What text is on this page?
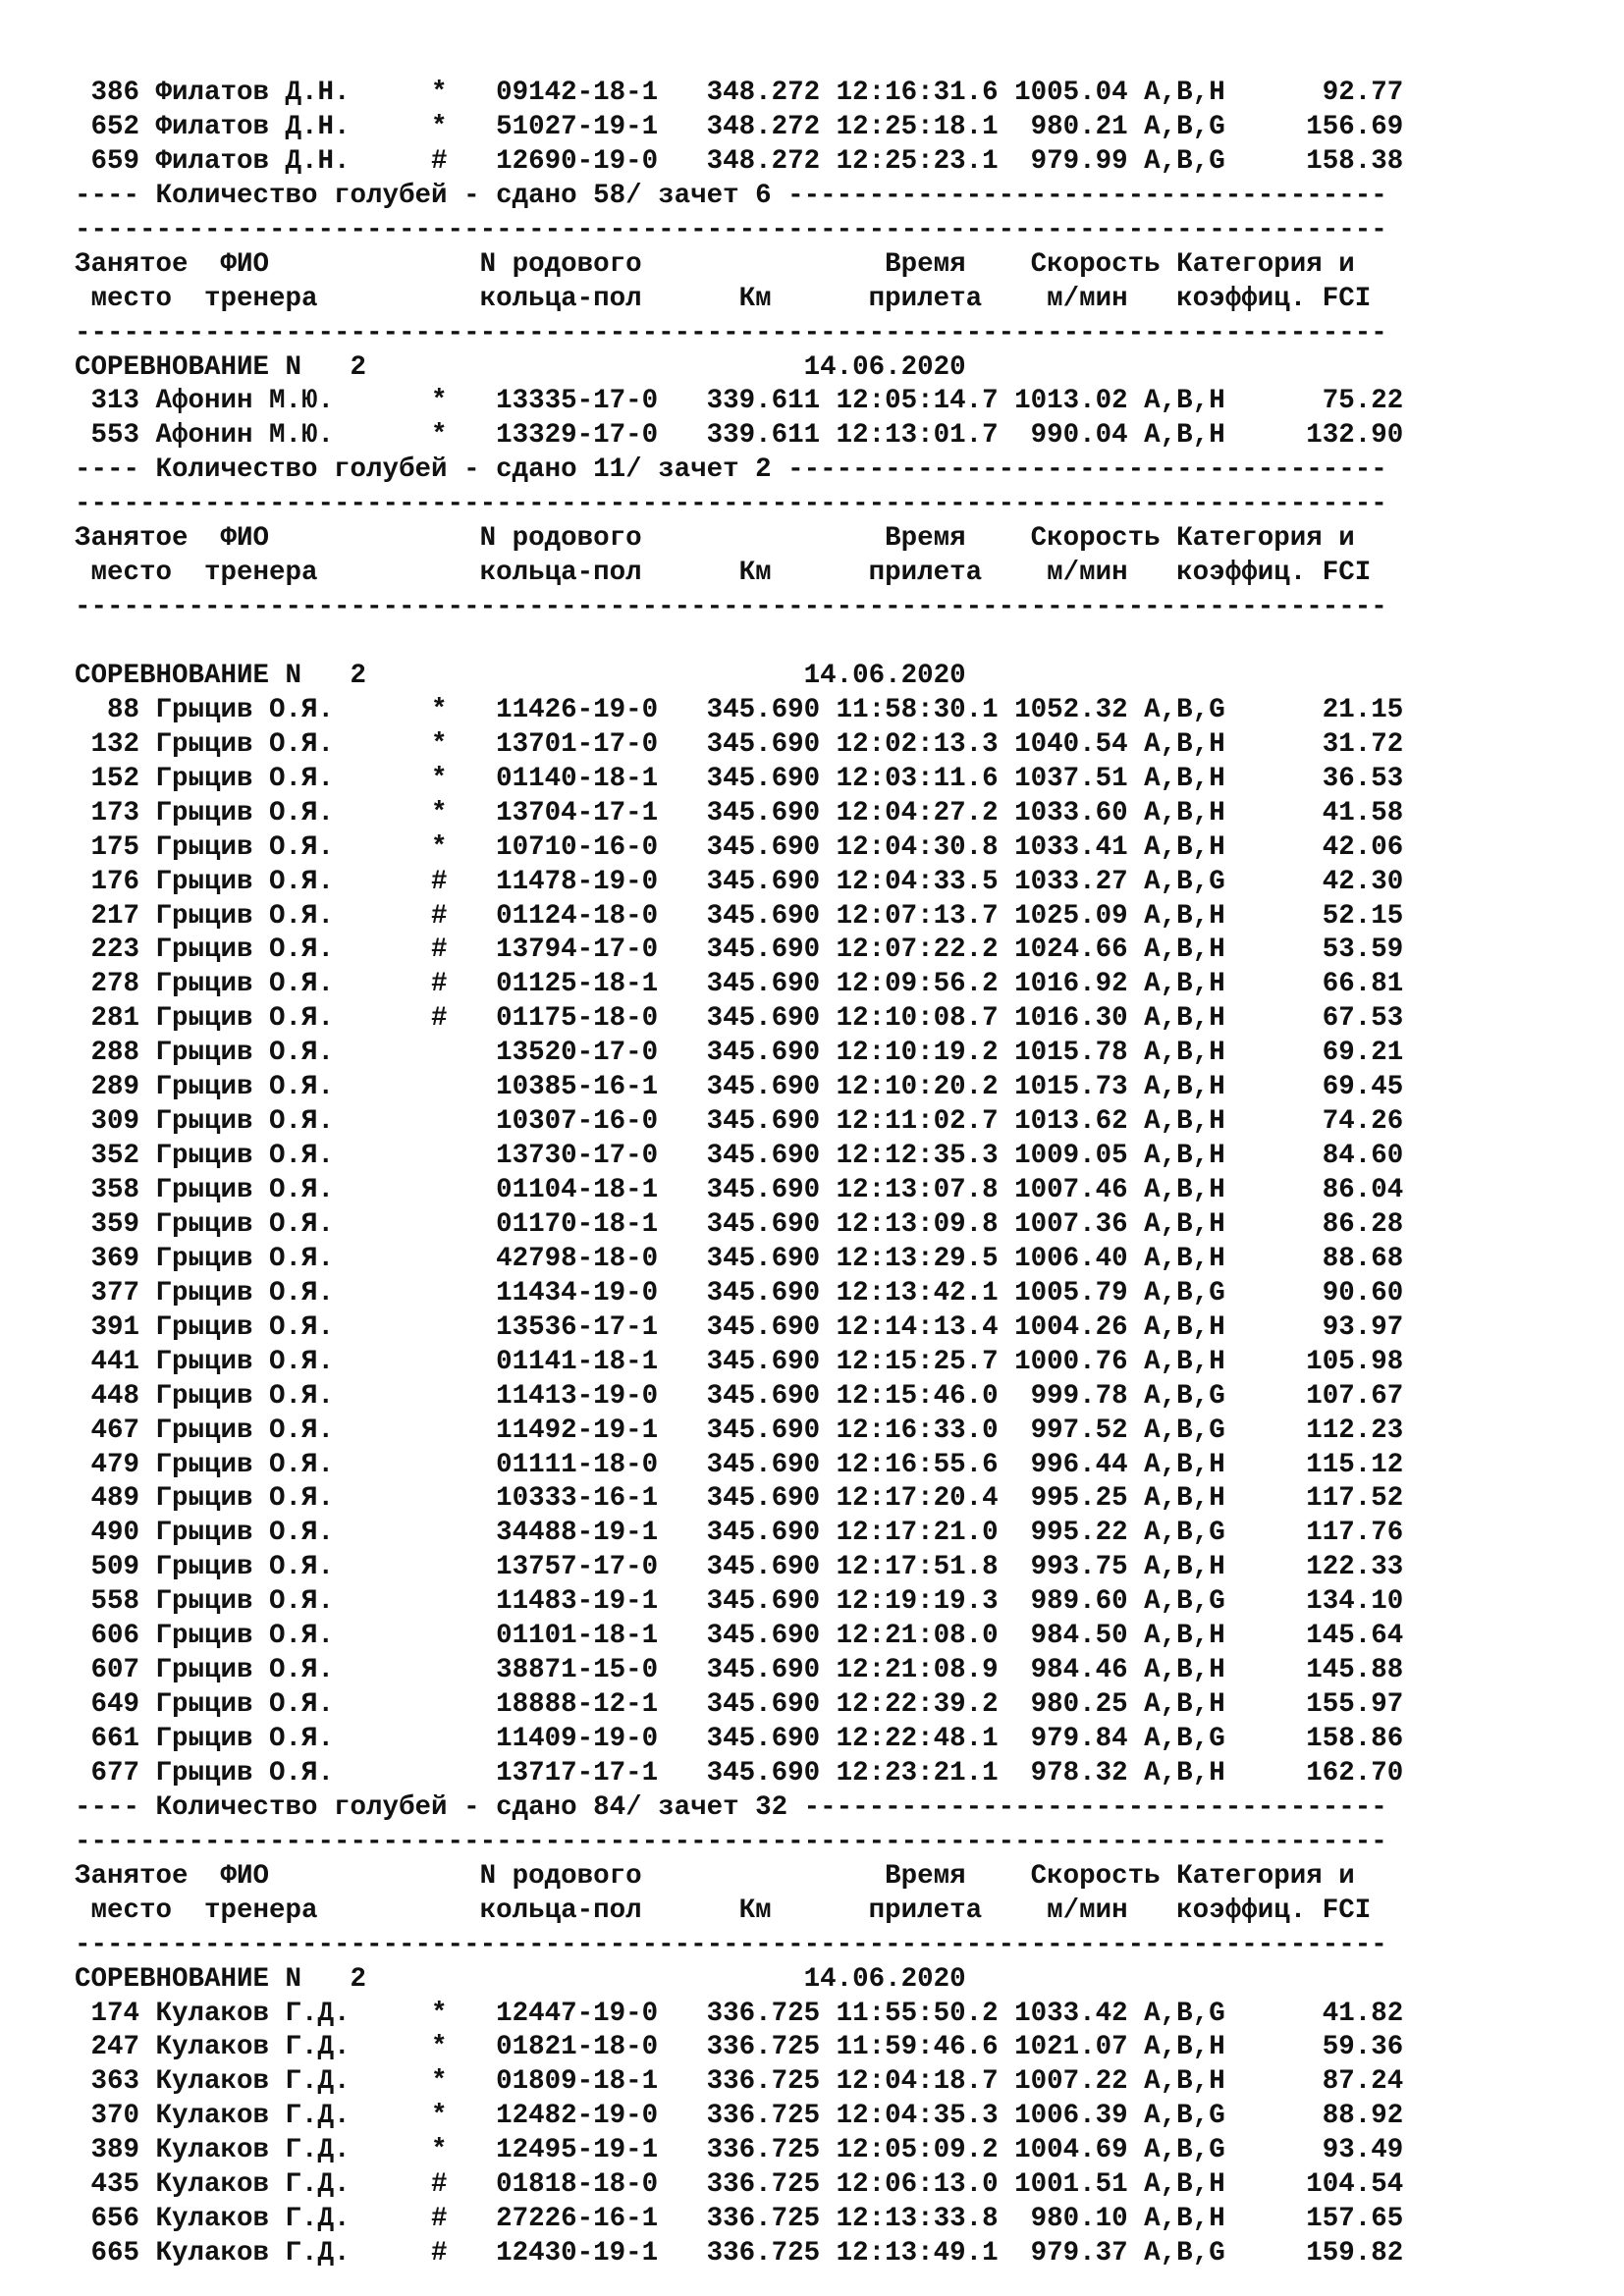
386 Филатов Д.Н.     *   09142-18-1   348.272 12:16:31.6 1005.04 A,B,H      92.77
652 Филатов Д.Н.     *   51027-19-1   348.272 12:25:18.1  980.21 A,B,G     156.69
659 Филатов Д.Н.     #   12690-19-0   348.272 12:25:23.1  979.99 A,B,G     158.38
---- Количество голубей - сдано 58/ зачет 6 -------------------------------------
---------------------------------------------------------------------------------
Занятое  ФИО             N родового               Время    Скорость Категория и
место  тренера          кольца-пол      Км      прилета    м/мин   коэффиц. FCI
---------------------------------------------------------------------------------
СОРЕВНОВАНИЕ N   2                           14.06.2020
313 Афонин М.Ю.      *   13335-17-0   339.611 12:05:14.7 1013.02 A,B,H      75.22
553 Афонин М.Ю.      *   13329-17-0   339.611 12:13:01.7  990.04 A,B,H     132.90
---- Количество голубей - сдано 11/ зачет 2 -------------------------------------
---------------------------------------------------------------------------------
Занятое  ФИО             N родового               Время    Скорость Категория и
место  тренера          кольца-пол      Км      прилета    м/мин   коэффиц. FCI
---------------------------------------------------------------------------------

СОРЕВНОВАНИЕ N   2                           14.06.2020
88 Грыцив О.Я.      *   11426-19-0   345.690 11:58:30.1 1052.32 A,B,G      21.15
132 Грыцив О.Я.      *   13701-17-0   345.690 12:02:13.3 1040.54 A,B,H      31.72
152 Грыцив О.Я.      *   01140-18-1   345.690 12:03:11.6 1037.51 A,B,H      36.53
173 Грыцив О.Я.      *   13704-17-1   345.690 12:04:27.2 1033.60 A,B,H      41.58
175 Грыцив О.Я.      *   10710-16-0   345.690 12:04:30.8 1033.41 A,B,H      42.06
176 Грыцив О.Я.      #   11478-19-0   345.690 12:04:33.5 1033.27 A,B,G      42.30
217 Грыцив О.Я.      #   01124-18-0   345.690 12:07:13.7 1025.09 A,B,H      52.15
223 Грыцив О.Я.      #   13794-17-0   345.690 12:07:22.2 1024.66 A,B,H      53.59
278 Грыцив О.Я.      #   01125-18-1   345.690 12:09:56.2 1016.92 A,B,H      66.81
281 Грыцив О.Я.      #   01175-18-0   345.690 12:10:08.7 1016.30 A,B,H      67.53
288 Грыцив О.Я.          13520-17-0   345.690 12:10:19.2 1015.78 A,B,H      69.21
289 Грыцив О.Я.          10385-16-1   345.690 12:10:20.2 1015.73 A,B,H      69.45
309 Грыцив О.Я.          10307-16-0   345.690 12:11:02.7 1013.62 A,B,H      74.26
352 Грыцив О.Я.          13730-17-0   345.690 12:12:35.3 1009.05 A,B,H      84.60
358 Грыцив О.Я.          01104-18-1   345.690 12:13:07.8 1007.46 A,B,H      86.04
359 Грыцив О.Я.          01170-18-1   345.690 12:13:09.8 1007.36 A,B,H      86.28
369 Грыцив О.Я.          42798-18-0   345.690 12:13:29.5 1006.40 A,B,H      88.68
377 Грыцив О.Я.          11434-19-0   345.690 12:13:42.1 1005.79 A,B,G      90.60
391 Грыцив О.Я.          13536-17-1   345.690 12:14:13.4 1004.26 A,B,H      93.97
441 Грыцив О.Я.          01141-18-1   345.690 12:15:25.7 1000.76 A,B,H     105.98
448 Грыцив О.Я.          11413-19-0   345.690 12:15:46.0  999.78 A,B,G     107.67
467 Грыцив О.Я.          11492-19-1   345.690 12:16:33.0  997.52 A,B,G     112.23
479 Грыцив О.Я.          01111-18-0   345.690 12:16:55.6  996.44 A,B,H     115.12
489 Грыцив О.Я.          10333-16-1   345.690 12:17:20.4  995.25 A,B,H     117.52
490 Грыцив О.Я.          34488-19-1   345.690 12:17:21.0  995.22 A,B,G     117.76
509 Грыцив О.Я.          13757-17-0   345.690 12:17:51.8  993.75 A,B,H     122.33
558 Грыцив О.Я.          11483-19-1   345.690 12:19:19.3  989.60 A,B,G     134.10
606 Грыцив О.Я.          01101-18-1   345.690 12:21:08.0  984.50 A,B,H     145.64
607 Грыцив О.Я.          38871-15-0   345.690 12:21:08.9  984.46 A,B,H     145.88
649 Грыцив О.Я.          18888-12-1   345.690 12:22:39.2  980.25 A,B,H     155.97
661 Грыцив О.Я.          11409-19-0   345.690 12:22:48.1  979.84 A,B,G     158.86
677 Грыцив О.Я.          13717-17-1   345.690 12:23:21.1  978.32 A,B,H     162.70
---- Количество голубей - сдано 84/ зачет 32 ------------------------------------
---------------------------------------------------------------------------------
Занятое  ФИО             N родового               Время    Скорость Категория и
место  тренера          кольца-пол      Км      прилета    м/мин   коэффиц. FCI
---------------------------------------------------------------------------------
СОРЕВНОВАНИЕ N   2                           14.06.2020
174 Кулаков Г.Д.     *   12447-19-0   336.725 11:55:50.2 1033.42 A,B,G      41.82
247 Кулаков Г.Д.     *   01821-18-0   336.725 11:59:46.6 1021.07 A,B,H      59.36
363 Кулаков Г.Д.     *   01809-18-1   336.725 12:04:18.7 1007.22 A,B,H      87.24
370 Кулаков Г.Д.     *   12482-19-0   336.725 12:04:35.3 1006.39 A,B,G      88.92
389 Кулаков Г.Д.     *   12495-19-1   336.725 12:05:09.2 1004.69 A,B,G      93.49
435 Кулаков Г.Д.     #   01818-18-0   336.725 12:06:13.0 1001.51 A,B,H     104.54
656 Кулаков Г.Д.     #   27226-16-1   336.725 12:13:33.8  980.10 A,B,H     157.65
665 Кулаков Г.Д.     #   12430-19-1   336.725 12:13:49.1  979.37 A,B,G     159.82
